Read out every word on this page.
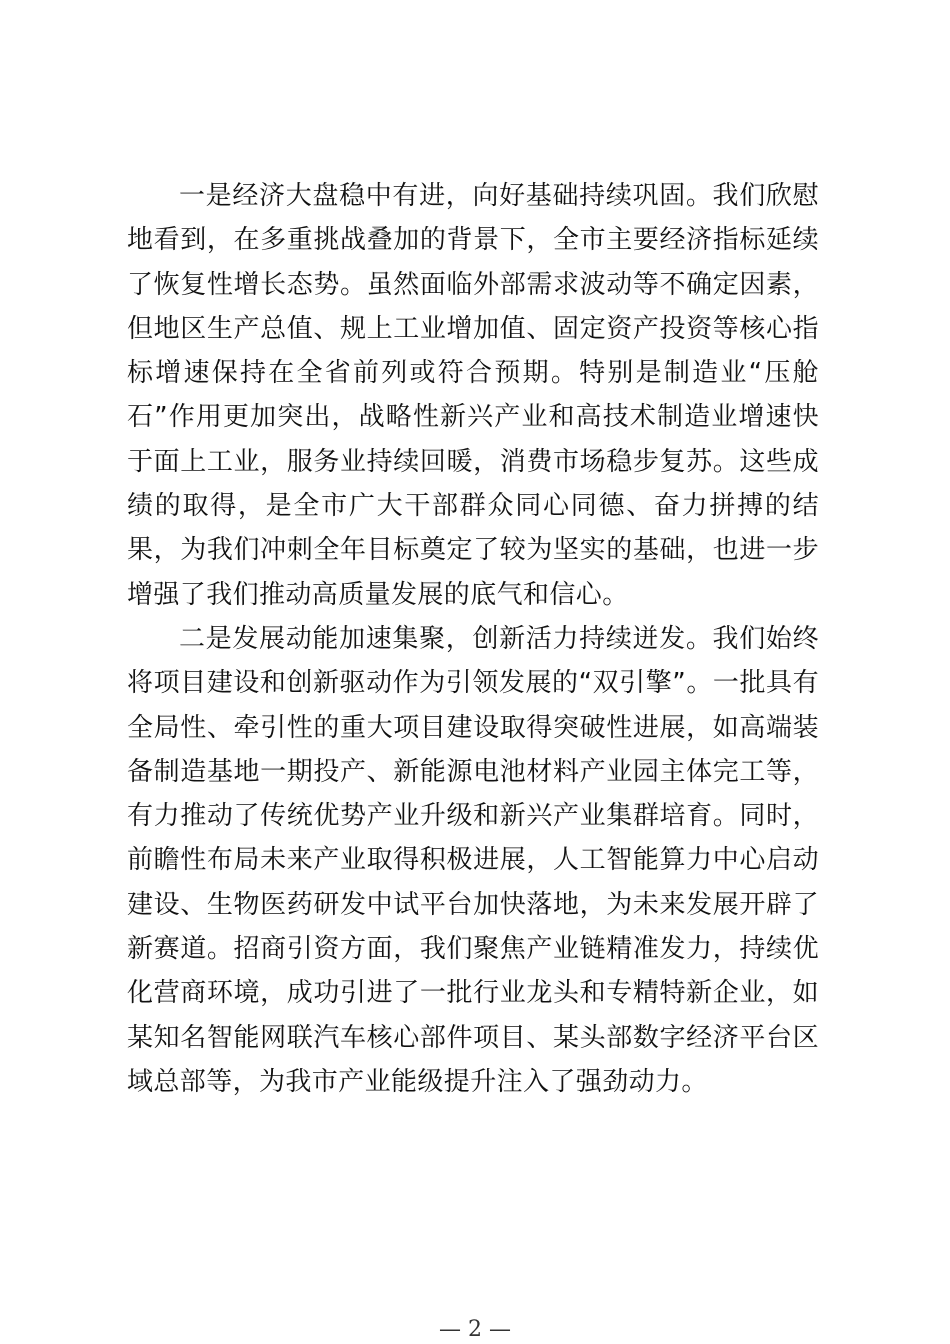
一是经济大盘稳中有进，向好基础持续巩固。我们欣慰地看到，在多重挑战叠加的背景下，全市主要经济指标延续了恢复性增长态势。虽然面临外部需求波动等不确定因素，但地区生产总值、规上工业增加值、固定资产投资等核心指标增速保持在全省前列或符合预期。特别是制造业“压舱石”作用更加突出，战略性新兴产业和高技术制造业增速快于面上工业，服务业持续回暖，消费市场稳步复苏。这些成绩的取得，是全市广大干部群众同心同德、奋力拼搏的结果，为我们冲刺全年目标奠定了较为坚实的基础，也进一步增强了我们推动高质量发展的底气和信心。

二是发展动能加速集聚，创新活力持续迸发。我们始终将项目建设和创新驱动作为引领发展的“双引擎”。一批具有全局性、牵引性的重大项目建设取得突破性进展，如高端装备制造基地一期投产、新能源电池材料产业园主体完工等，有力推动了传统优势产业升级和新兴产业集群培育。同时，前瞻性布局未来产业取得积极进展，人工智能算力中心启动建设、生物医药研发中试平台加快落地，为未来发展开辟了新赛道。招商引资方面，我们聚焦产业链精准发力，持续优化营商环境，成功引进了一批行业龙头和专精特新企业，如某知名智能网联汽车核心部件项目、某头部数字经济平台区域总部等，为我市产业能级提升注入了强劲动力。

— 2 —
